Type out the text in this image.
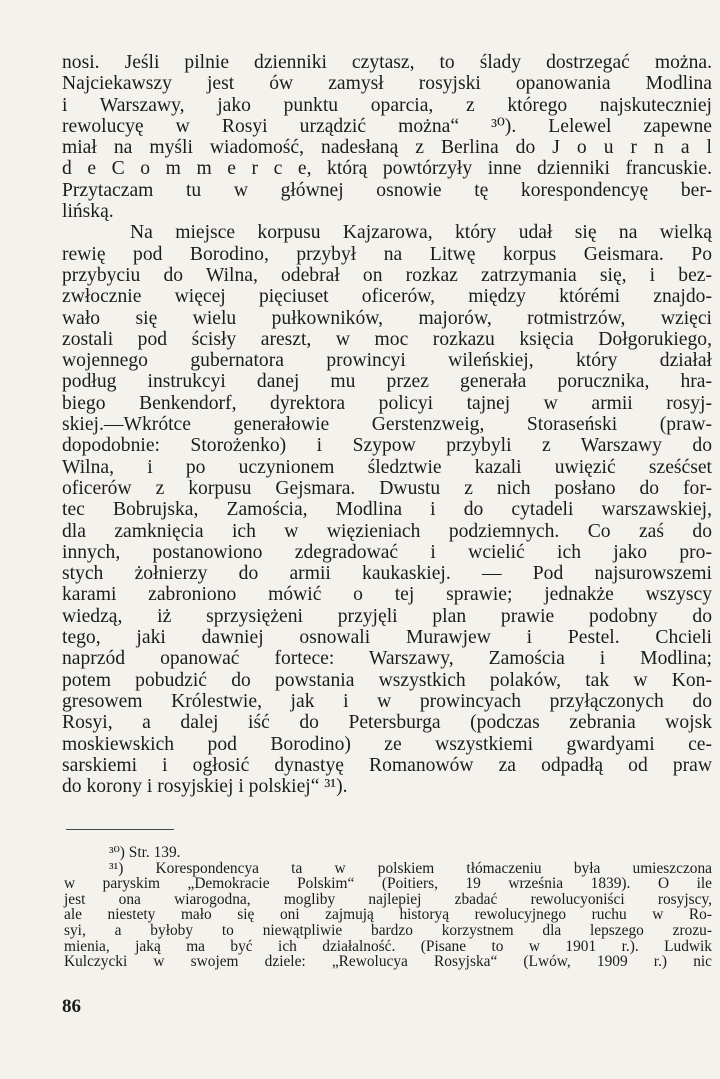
nosi. Jeśli pilnie dzienniki czytasz, to ślady dostrzegać można.
Najciekawszy jest ów zamysł rosyjski opanowania Modlina
i Warszawy, jako punktu oparcia, z którego najskuteczniej
rewolucyę w Rosyi urządzić można“ ³⁰). Lelewel zapewne
miał na myśli wiadomość, nadesłaną z Berlina do J o u r n a l
d e C o m m e r c e, którą powtórzyły inne dzienniki francuskie.
Przytaczam tu w głównej osnowie tę korespondencyę ber-
lińską.
Na miejsce korpusu Kajzarowa, który udał się na wielką
rewię pod Borodino, przybył na Litwę korpus Geismara. Po
przybyciu do Wilna, odebrał on rozkaz zatrzymania się, i bez-
zwłocznie więcej pięciuset oficerów, między którémi znajdo-
wało się wielu pułkowników, majorów, rotmistrzów, wzięci
zostali pod ścisły areszt, w moc rozkazu księcia Dołgorukiego,
wojennego gubernatora prowincyi wileńskiej, który działał
podług instrukcyi danej mu przez generała porucznika, hra-
biego Benkendorf, dyrektora policyi tajnej w armii rosyj-
skiej.—Wkrótce generałowie Gerstenzweig, Storaseński (praw-
dopodobnie: Storożenko) i Szypow przybyli z Warszawy do
Wilna, i po uczynionem śledztwie kazali uwięzić sześćset
oficerów z korpusu Gejsmara. Dwustu z nich posłano do for-
tec Bobrujska, Zamościa, Modlina i do cytadeli warszawskiej,
dla zamknięcia ich w więzieniach podziemnych. Co zaś do
innych, postanowiono zdegradować i wcielić ich jako pro-
stych żołnierzy do armii kaukaskiej. — Pod najsurowszemi
karami zabroniono mówić o tej sprawie; jednakże wszyscy
wiedzą, iż sprzysiężeni przyjęli plan prawie podobny do
tego, jaki dawniej osnowali Murawjew i Pestel. Chcieli
naprzód opanować fortece: Warszawy, Zamościa i Modlina;
potem pobudzić do powstania wszystkich polaków, tak w Kon-
gresowem Królestwie, jak i w prowincyach przyłączonych do
Rosyi, a dalej iść do Petersburga (podczas zebrania wojsk
moskiewskich pod Borodino) ze wszystkiemi gwardyami ce-
sarskiemi i ogłosić dynastyę Romanowów za odpadłą od praw
do korony i rosyjskiej i polskiej“ ³¹).
³⁰) Str. 139.
³¹) Korespondencya ta w polskiem tłómaczeniu była umieszczona
w paryskim „Demokracie Polskim“ (Poitiers, 19 września 1839). O ile
jest ona wiarogodna, mogliby najlepiej zbadać rewolucyoniści rosyjscy,
ale niestety mało się oni zajmują historyą rewolucyjnego ruchu w Ro-
syi, a byłoby to niewątpliwie bardzo korzystnem dla lepszego zrozu-
mienia, jaką ma być ich działalność. (Pisane to w 1901 r.). Ludwik
Kulczycki w swojem dziele: „Rewolucya Rosyjska“ (Lwów, 1909 r.) nic
86
